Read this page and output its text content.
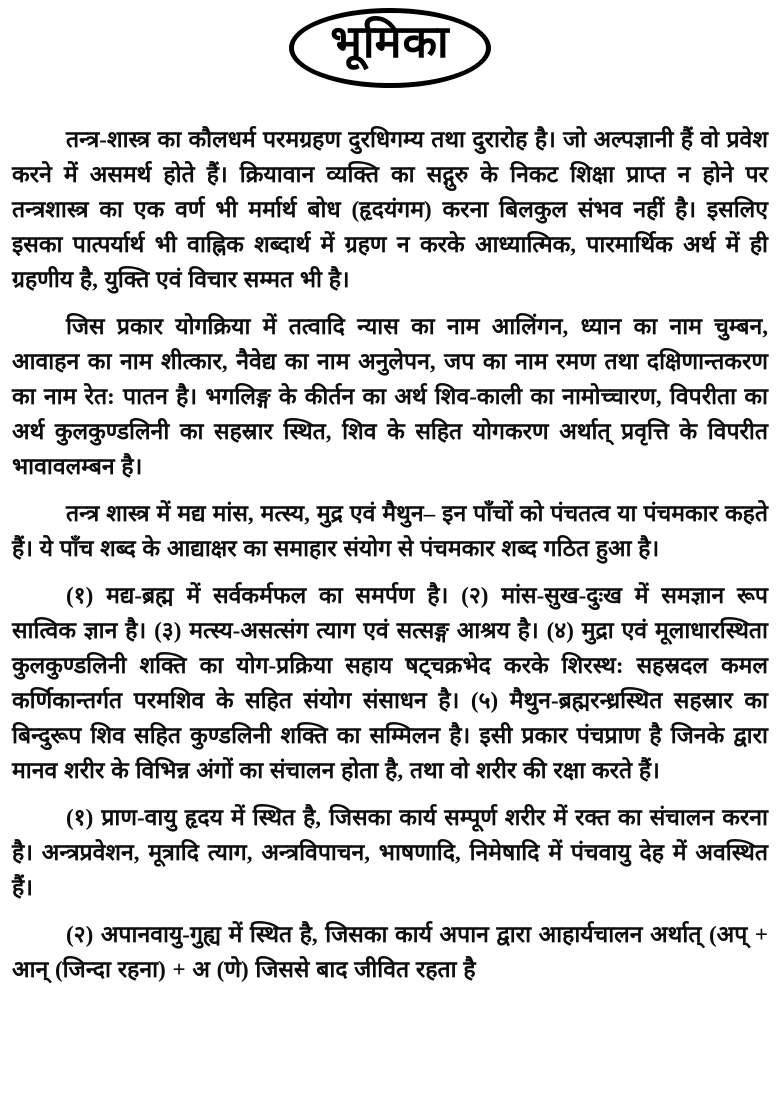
भूमिका

तन्त्र-शास्त्र का कौलधर्म परमग्रहण दुरधिगम्य तथा दुरारोह है। जो अल्पज्ञानी हैं वो प्रवेश करने में असमर्थ होते हैं। क्रियावान व्यक्ति का सद्गुरु के निकट शिक्षा प्राप्त न होने पर तन्त्रशास्त्र का एक वर्ण भी मर्मार्थ बोध (हृदयंगम) करना बिलकुल संभव नहीं है। इसलिए इसका पात्पर्यार्थ भी वाह्निक शब्दार्थ में ग्रहण न करके आध्यात्मिक, पारमार्थिक अर्थ में ही ग्रहणीय है, युक्ति एवं विचार सम्मत भी है।

जिस प्रकार योगक्रिया में तत्वादि न्यास का नाम आलिंगन, ध्यान का नाम चुम्बन, आवाहन का नाम शीत्कार, नैवेद्य का नाम अनुलेपन, जप का नाम रमण तथा दक्षिणान्तकरण का नाम रेत: पातन है। भगलिङ्ग के कीर्तन का अर्थ शिव-काली का नामोच्चारण, विपरीता का अर्थ कुलकुण्डलिनी का सहस्रार स्थित, शिव के सहित योगकरण अर्थात् प्रवृत्ति के विपरीत भावावलम्बन है।

तन्त्र शास्त्र में मद्य मांस, मत्स्य, मुद्र एवं मैथुन– इन पाँचों को पंचतत्व या पंचमकार कहते हैं। ये पाँच शब्द के आद्याक्षर का समाहार संयोग से पंचमकार शब्द गठित हुआ है।

(१) मद्य-ब्रह्म में सर्वकर्मफल का समर्पण है। (२) मांस-सुख-दुःख में समज्ञान रूप सात्विक ज्ञान है। (३) मत्स्य-असत्संग त्याग एवं सत्सङ्ग आश्रय है। (४) मुद्रा एवं मूलाधारस्थिता कुलकुण्डलिनी शक्ति का योग-प्रक्रिया सहाय षट्चक्रभेद करके शिरस्थ: सहस्रदल कमल कर्णिकान्तर्गत परमशिव के सहित संयोग संसाधन है। (५) मैथुन-ब्रह्मरन्ध्रस्थित सहस्रार का बिन्दुरूप शिव सहित कुण्डलिनी शक्ति का सम्मिलन है। इसी प्रकार पंचप्राण है जिनके द्वारा मानव शरीर के विभिन्न अंगों का संचालन होता है, तथा वो शरीर की रक्षा करते हैं।

(१) प्राण-वायु हृदय में स्थित है, जिसका कार्य सम्पूर्ण शरीर में रक्त का संचालन करना है। अन्त्रप्रवेशन, मूत्रादि त्याग, अन्त्रविपाचन, भाषणादि, निमेषादि में पंचवायु देह में अवस्थित हैं।

(२) अपानवायु-गुह्य में स्थित है, जिसका कार्य अपान द्वारा आहार्यचालन अर्थात् (अप् + आन् (जिन्दा रहना) + अ (णे) जिससे बाद जीवित रहता है
